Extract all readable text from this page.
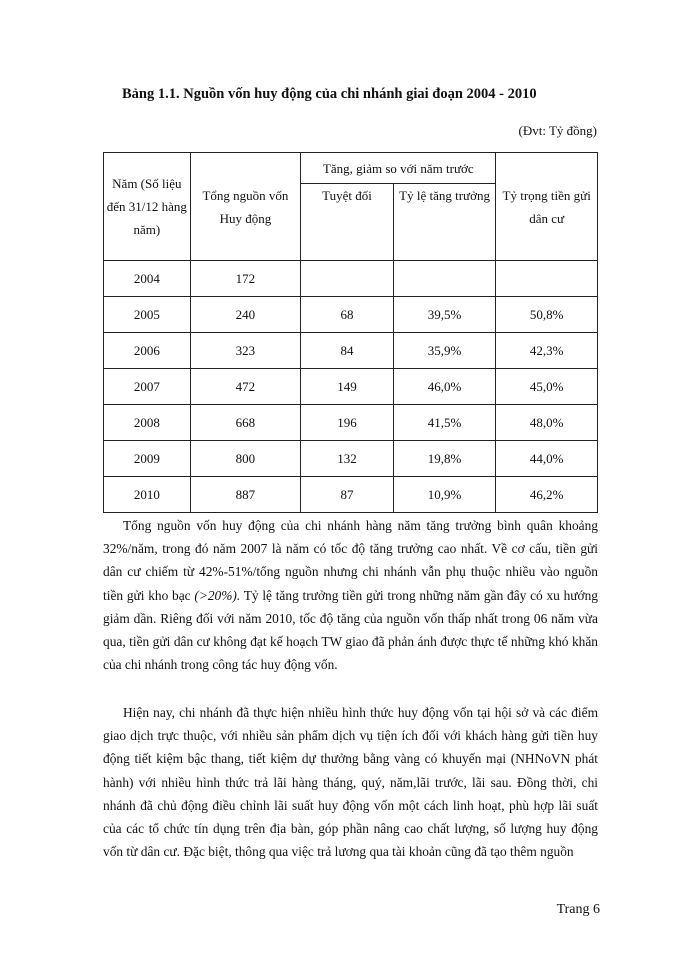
Bảng 1.1. Nguồn vốn huy động của chi nhánh giai đoạn 2004 - 2010

(Đvt: Tỷ đồng)
Năm (Số liệu đến 31/12 hàng năm)	Tổng nguồn vốn Huy động	Tăng, giảm so với năm trước		Tỷ trọng tiền gửi dân cư
		Tuyệt đối	Tỷ lệ tăng trưởng	
2004	172			
2005	240	68	39,5%	50,8%
2006	323	84	35,9%	42,3%
2007	472	149	46,0%	45,0%
2008	668	196	41,5%	48,0%
2009	800	132	19,8%	44,0%
2010	887	87	10,9%	46,2%

Tổng nguồn vốn huy động của chi nhánh hàng năm tăng trưởng bình quân khoảng 32%/năm, trong đó năm 2007 là năm có tốc độ tăng trưởng cao nhất. Về cơ cấu, tiền gửi dân cư chiếm từ 42%-51%/tổng nguồn nhưng chi nhánh vẫn phụ thuộc nhiều vào nguồn tiền gửi kho bạc (>20%). Tỷ lệ tăng trưởng tiền gửi trong những năm gần đây có xu hướng giảm dần. Riêng đối với năm 2010, tốc độ tăng của nguồn vốn thấp nhất trong 06 năm vừa qua, tiền gửi dân cư không đạt kế hoạch TW giao đã phản ánh được thực tế những khó khăn của chi nhánh trong công tác huy động vốn.

Hiện nay, chi nhánh đã thực hiện nhiều hình thức huy động vốn tại hội sở và các điểm giao dịch trực thuộc, với nhiều sản phẩm dịch vụ tiện ích đối với khách hàng gửi tiền huy động tiết kiệm bậc thang, tiết kiệm dự thưởng bằng vàng có khuyến mại (NHNoVN phát hành) với nhiều hình thức trả lãi hàng tháng, quý, năm,lãi trước, lãi sau. Đồng thời, chi nhánh đã chủ động điều chỉnh lãi suất huy động vốn một cách linh hoạt, phù hợp lãi suất của các tổ chức tín dụng trên địa bàn, góp phần nâng cao chất lượng, số lượng huy động vốn từ dân cư. Đặc biệt, thông qua việc trả lương qua tài khoản cũng đã tạo thêm nguồn

Trang 6
